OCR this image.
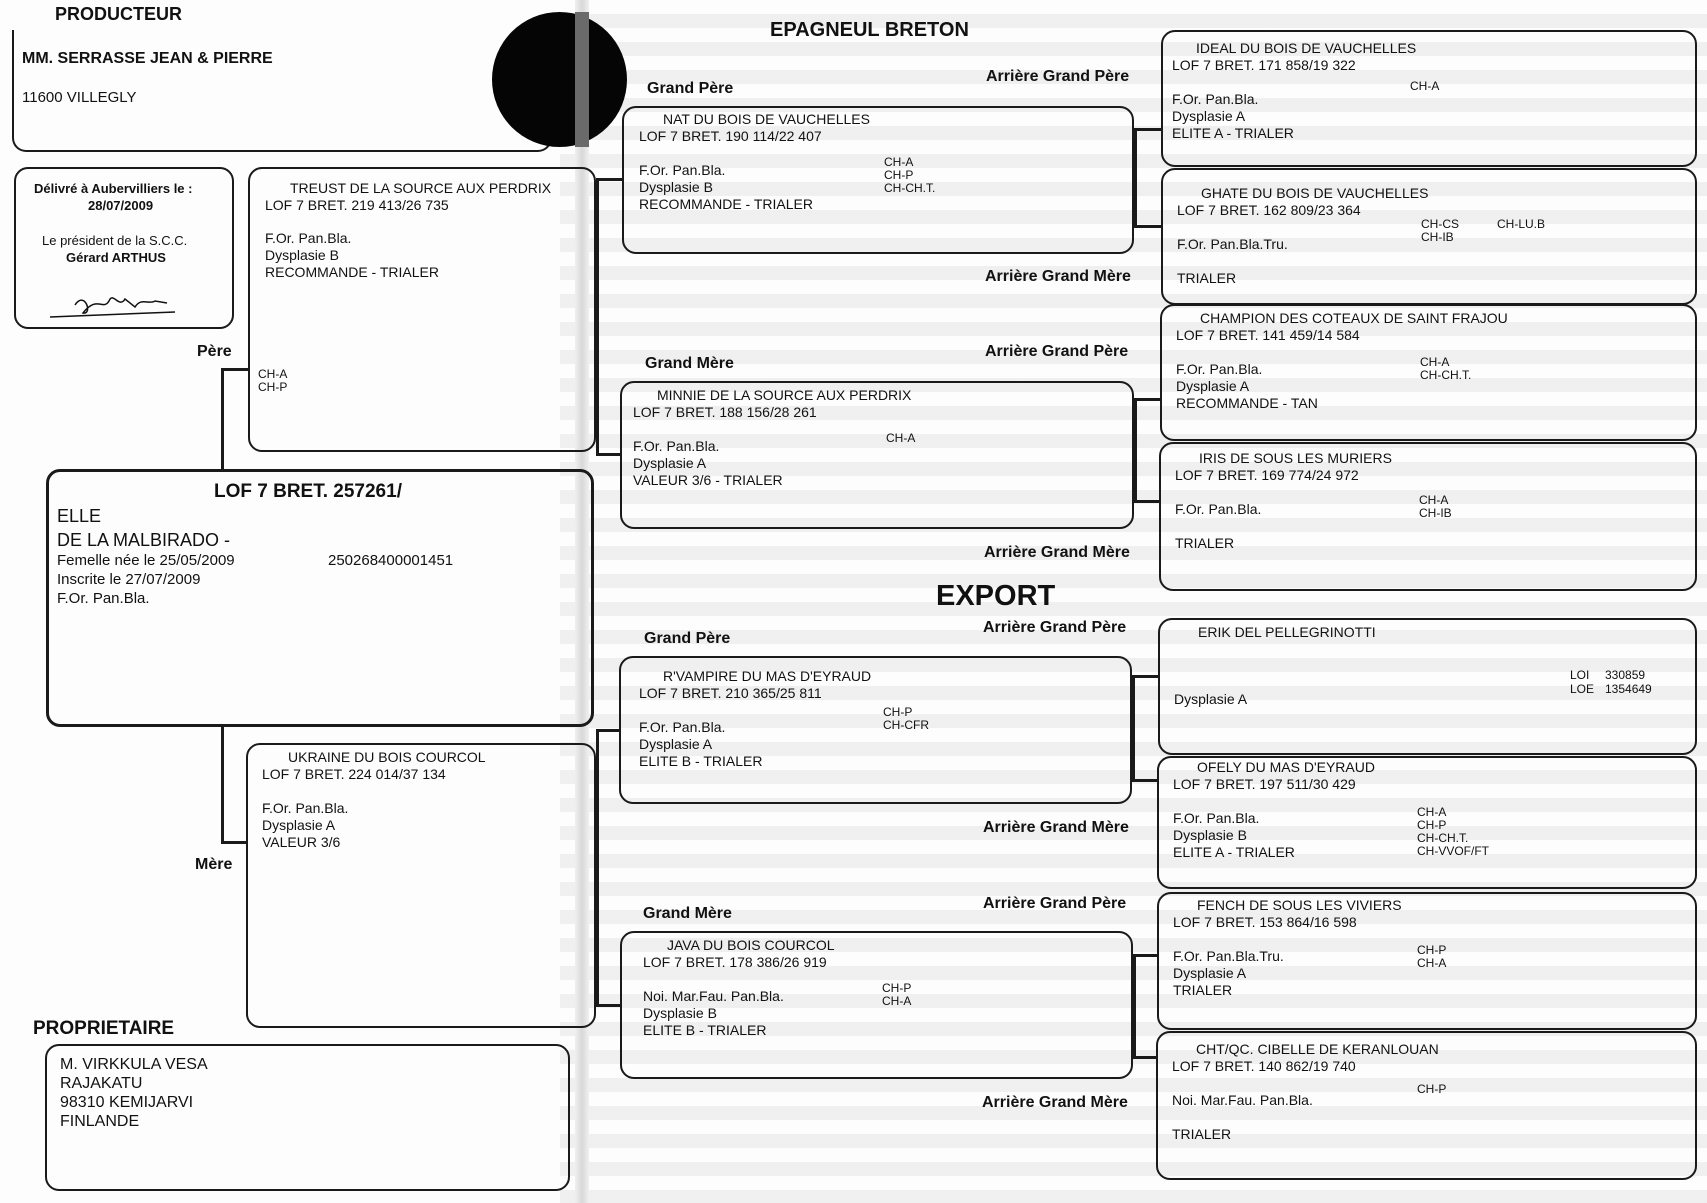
EPAGNEUL BRETON
PRODUCTEUR
MM. SERRASSE JEAN & PIERRE
11600 VILLEGLY
Délivré à Aubervilliers le :
28/07/2009
Le président de la S.C.C.
Gérard ARTHUS
Père
Mère
LOF 7 BRET. 257261/
ELLE
DE LA MALBIRADO -
Femelle née le 25/05/2009	250268400001451
Inscrite le 27/07/2009
F.Or. Pan.Bla.
PROPRIETAIRE
M. VIRKKULA VESA
RAJAKATU
98310 KEMIJARVI
FINLANDE
TREUST DE LA SOURCE AUX PERDRIX
LOF 7 BRET. 219 413/26 735
F.Or. Pan.Bla.
Dysplasie B
RECOMMANDE - TRIALER
CH-A
CH-P
UKRAINE DU BOIS COURCOL
LOF 7 BRET. 224 014/37 134
F.Or. Pan.Bla.
Dysplasie A
VALEUR 3/6
Grand Père
Grand Mère
Grand Père
Grand Mère
NAT DU BOIS DE VAUCHELLES
LOF 7 BRET. 190 114/22 407
F.Or. Pan.Bla.
Dysplasie B
RECOMMANDE - TRIALER
CH-A
CH-P
CH-CH.T.
MINNIE DE LA SOURCE AUX PERDRIX
LOF 7 BRET. 188 156/28 261
F.Or. Pan.Bla.
Dysplasie A
VALEUR 3/6 - TRIALER
CH-A
R'VAMPIRE DU MAS D'EYRAUD
LOF 7 BRET. 210 365/25 811
F.Or. Pan.Bla.
Dysplasie A
ELITE B - TRIALER
CH-P
CH-CFR
JAVA DU BOIS COURCOL
LOF 7 BRET. 178 386/26 919
Noi. Mar.Fau. Pan.Bla.
Dysplasie B
ELITE B - TRIALER
CH-P
CH-A
EXPORT
Arrière Grand Père
Arrière Grand Mère
Arrière Grand Père
Arrière Grand Mère
Arrière Grand Père
Arrière Grand Mère
Arrière Grand Père
Arrière Grand Mère
IDEAL DU BOIS DE VAUCHELLES
LOF 7 BRET. 171 858/19 322
F.Or. Pan.Bla.
Dysplasie A
ELITE A - TRIALER
CH-A
GHATE DU BOIS DE VAUCHELLES
LOF 7 BRET. 162 809/23 364
F.Or. Pan.Bla.Tru.
TRIALER
CH-CS
CH-IB
CH-LU.B
CHAMPION DES COTEAUX DE SAINT FRAJOU
LOF 7 BRET. 141 459/14 584
F.Or. Pan.Bla.
Dysplasie A
RECOMMANDE - TAN
CH-A
CH-CH.T.
IRIS DE SOUS LES MURIERS
LOF 7 BRET. 169 774/24 972
F.Or. Pan.Bla.
TRIALER
CH-A
CH-IB
ERIK DEL PELLEGRINOTTI
Dysplasie A
LOI 330859
LOE 1354649
OFELY DU MAS D'EYRAUD
LOF 7 BRET. 197 511/30 429
F.Or. Pan.Bla.
Dysplasie B
ELITE A - TRIALER
CH-A
CH-P
CH-CH.T.
CH-VVOF/FT
FENCH DE SOUS LES VIVIERS
LOF 7 BRET. 153 864/16 598
F.Or. Pan.Bla.Tru.
Dysplasie A
TRIALER
CH-P
CH-A
CHT/QC. CIBELLE DE KERANLOUAN
LOF 7 BRET. 140 862/19 740
Noi. Mar.Fau. Pan.Bla.
TRIALER
CH-P
